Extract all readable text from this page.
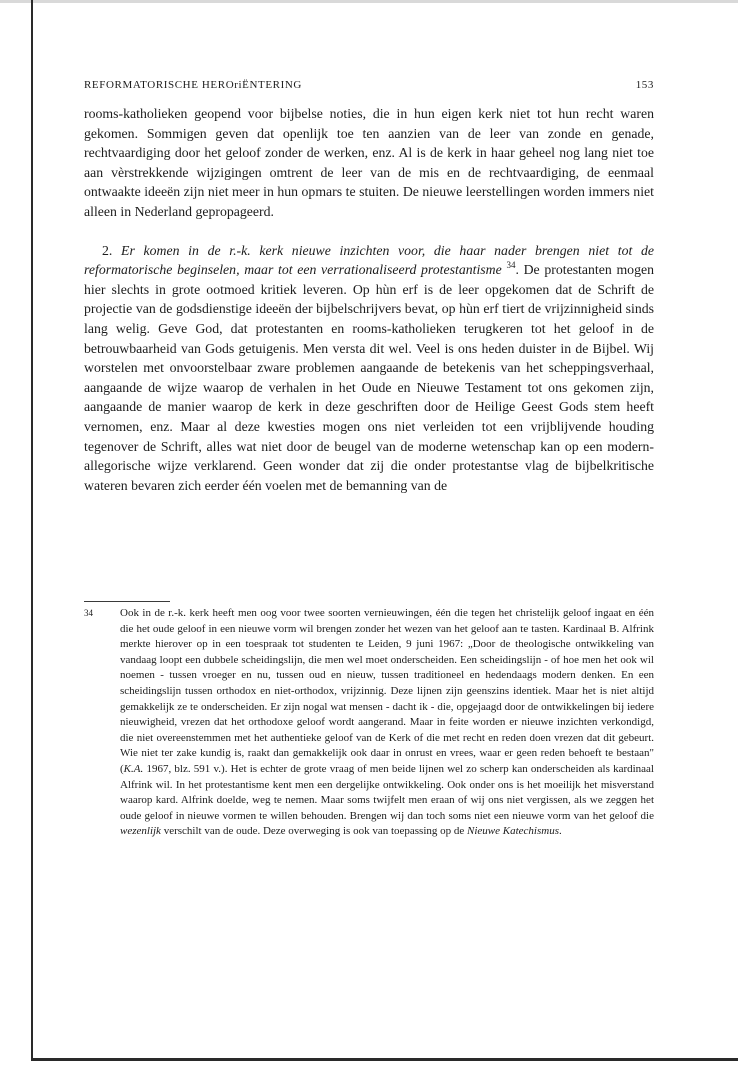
REFORMATORISCHE HEROriËNTERING	153

rooms-katholieken geopend voor bijbelse noties, die in hun eigen kerk niet tot hun recht waren gekomen. Sommigen geven dat openlijk toe ten aanzien van de leer van zonde en genade, rechtvaardiging door het geloof zonder de werken, enz. Al is de kerk in haar geheel nog lang niet toe aan vèrstrekkende wijzigingen omtrent de leer van de mis en de rechtvaardiging, de eenmaal ontwaakte ideeën zijn niet meer in hun opmars te stuiten. De nieuwe leerstellingen worden immers niet alleen in Nederland gepropageerd.

2. Er komen in de r.-k. kerk nieuwe inzichten voor, die haar nader brengen niet tot de reformatorische beginselen, maar tot een verrationaliseerd protestantisme $^{34}$. De protestanten mogen hier slechts in grote ootmoed kritiek leveren. Op hùn erf is de leer opgekomen dat de Schrift de projectie van de godsdienstige ideeën der bijbelschrijvers bevat, op hùn erf tiert de vrijzinnigheid sinds lang welig. Geve God, dat protestanten en rooms-katholieken terugkeren tot het geloof in de betrouwbaarheid van Gods getuigenis. Men versta dit wel. Veel is ons heden duister in de Bijbel. Wij worstelen met onvoorstelbaar zware problemen aangaande de betekenis van het scheppingsverhaal, aangaande de wijze waarop de verhalen in het Oude en Nieuwe Testament tot ons gekomen zijn, aangaande de manier waarop de kerk in deze geschriften door de Heilige Geest Gods stem heeft vernomen, enz. Maar al deze kwesties mogen ons niet verleiden tot een vrijblijvende houding tegenover de Schrift, alles wat niet door de beugel van de moderne wetenschap kan op een modern-allegorische wijze verklarend. Geen wonder dat zij die onder protestantse vlag de bijbelkritische wateren bevaren zich eerder één voelen met de bemanning van de

34 Ook in de r.-k. kerk heeft men oog voor twee soorten vernieuwingen, één die tegen het christelijk geloof ingaat en één die het oude geloof in een nieuwe vorm wil brengen zonder het wezen van het geloof aan te tasten. Kardinaal B. Alfrink merkte hierover op in een toespraak tot studenten te Leiden, 9 juni 1967: „Door de theologische ontwikkeling van vandaag loopt een dubbele scheidingslijn, die men wel moet onderscheiden. Een scheidingslijn - of hoe men het ook wil noemen - tussen vroeger en nu, tussen oud en nieuw, tussen traditioneel en hedendaags modern denken. En een scheidingslijn tussen orthodox en niet-orthodox, vrijzinnig. Deze lijnen zijn geenszins identiek. Maar het is niet altijd gemakkelijk ze te onderscheiden. Er zijn nogal wat mensen - dacht ik - die, opgejaagd door de ontwikkelingen bij iedere nieuwigheid, vrezen dat het orthodoxe geloof wordt aangerand. Maar in feite worden er nieuwe inzichten verkondigd, die niet overeenstemmen met het authentieke geloof van de Kerk of die met recht en reden doen vrezen dat dit gebeurt. Wie niet ter zake kundig is, raakt dan gemakkelijk ook daar in onrust en vrees, waar er geen reden behoeft te bestaan" (K.A. 1967, blz. 591 v.). Het is echter de grote vraag of men beide lijnen wel zo scherp kan onderscheiden als kardinaal Alfrink wil. In het protestantisme kent men een dergelijke ontwikkeling. Ook onder ons is het moeilijk het misverstand waarop kard. Alfrink doelde, weg te nemen. Maar soms twijfelt men eraan of wij ons niet vergissen, als we zeggen het oude geloof in nieuwe vormen te willen behouden. Brengen wij dan toch soms niet een nieuwe vorm van het geloof die wezenlijk verschilt van de oude. Deze overweging is ook van toepassing op de Nieuwe Katechismus.
